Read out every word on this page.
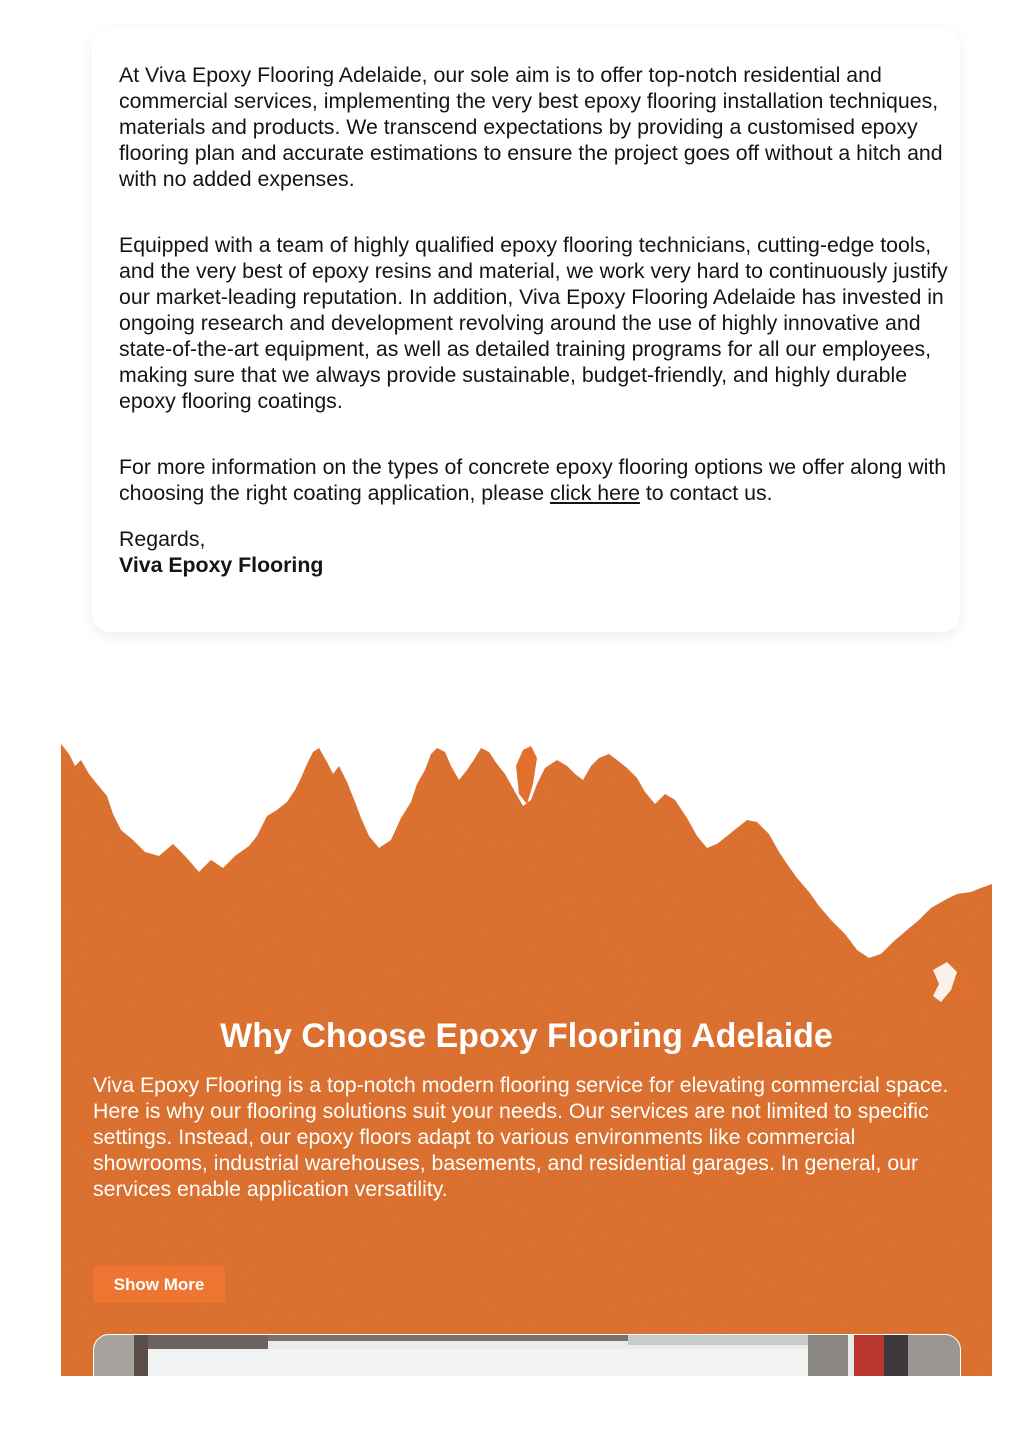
At Viva Epoxy Flooring Adelaide, our sole aim is to offer top-notch residential and commercial services, implementing the very best epoxy flooring installation techniques, materials and products. We transcend expectations by providing a customised epoxy flooring plan and accurate estimations to ensure the project goes off without a hitch and with no added expenses.

Equipped with a team of highly qualified epoxy flooring technicians, cutting-edge tools, and the very best of epoxy resins and material, we work very hard to continuously justify our market-leading reputation. In addition, Viva Epoxy Flooring Adelaide has invested in ongoing research and development revolving around the use of highly innovative and state-of-the-art equipment, as well as detailed training programs for all our employees, making sure that we always provide sustainable, budget-friendly, and highly durable epoxy flooring coatings.

For more information on the types of concrete epoxy flooring options we offer along with choosing the right coating application, please click here to contact us.

Regards,

Viva Epoxy Flooring

Why Choose Epoxy Flooring Adelaide

Viva Epoxy Flooring is a top-notch modern flooring service for elevating commercial space. Here is why our flooring solutions suit your needs. Our services are not limited to specific settings. Instead, our epoxy floors adapt to various environments like commercial showrooms, industrial warehouses, basements, and residential garages. In general, our services enable application versatility.

Show More
